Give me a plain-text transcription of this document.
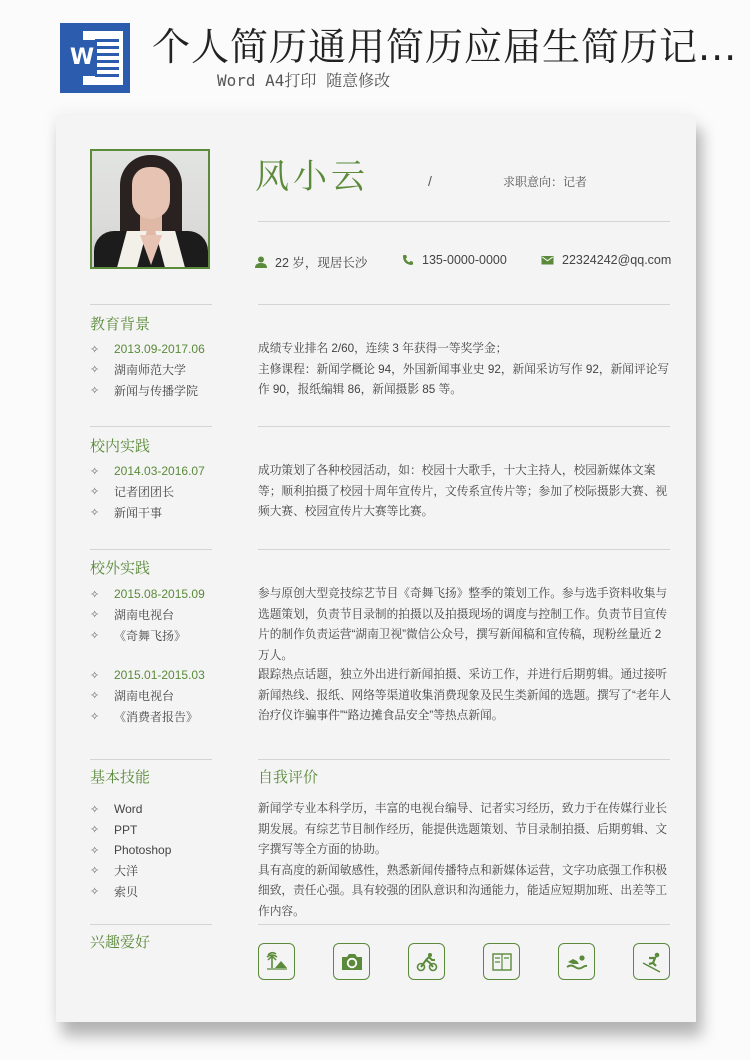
W 个人简历通用简历应届生简历记...
Word A4打印 随意修改
风小云	/	求职意向：记者
22 岁，现居长沙	135-0000-0000	22324242@qq.com
教育背景
✧	2013.09-2017.06
✧	湖南师范大学
✧	新闻与传播学院
成绩专业排名 2/60，连续 3 年获得一等奖学金；
主修课程：新闻学概论 94，外国新闻事业史 92，新闻采访写作 92，新闻评论写作 90，报纸编辑 86，新闻摄影 85 等。
校内实践
✧	2014.03-2016.07
✧	记者团团长
✧	新闻干事
成功策划了各种校园活动，如：校园十大歌手，十大主持人，校园新媒体文案等；顺利拍摄了校园十周年宣传片，文传系宣传片等；参加了校际摄影大赛、视频大赛、校园宣传片大赛等比赛。
校外实践
✧	2015.08-2015.09
✧	湖南电视台
✧	《奇舞飞扬》
参与原创大型竞技综艺节目《奇舞飞扬》整季的策划工作。参与选手资料收集与选题策划，负责节目录制的拍摄以及拍摄现场的调度与控制工作。负责节目宣传片的制作负责运营“湖南卫视”微信公众号，撰写新闻稿和宣传稿，现粉丝量近 2 万人。
✧	2015.01-2015.03
✧	湖南电视台
✧	《消费者报告》
跟踪热点话题，独立外出进行新闻拍摄、采访工作，并进行后期剪辑。通过接听新闻热线、报纸、网络等渠道收集消费现象及民生类新闻的选题。撰写了“老年人治疗仪诈骗事件”“路边摊食品安全”等热点新闻。
基本技能	自我评价
✧	Word
✧	PPT
✧	Photoshop
✧	大洋
✧	索贝
新闻学专业本科学历，丰富的电视台编导、记者实习经历，致力于在传媒行业长期发展。有综艺节目制作经历，能提供选题策划、节目录制拍摄、后期剪辑、文字撰写等全方面的协助。
具有高度的新闻敏感性，熟悉新闻传播特点和新媒体运营，文字功底强工作积极细致，责任心强。具有较强的团队意识和沟通能力，能适应短期加班、出差等工作内容。
兴趣爱好
